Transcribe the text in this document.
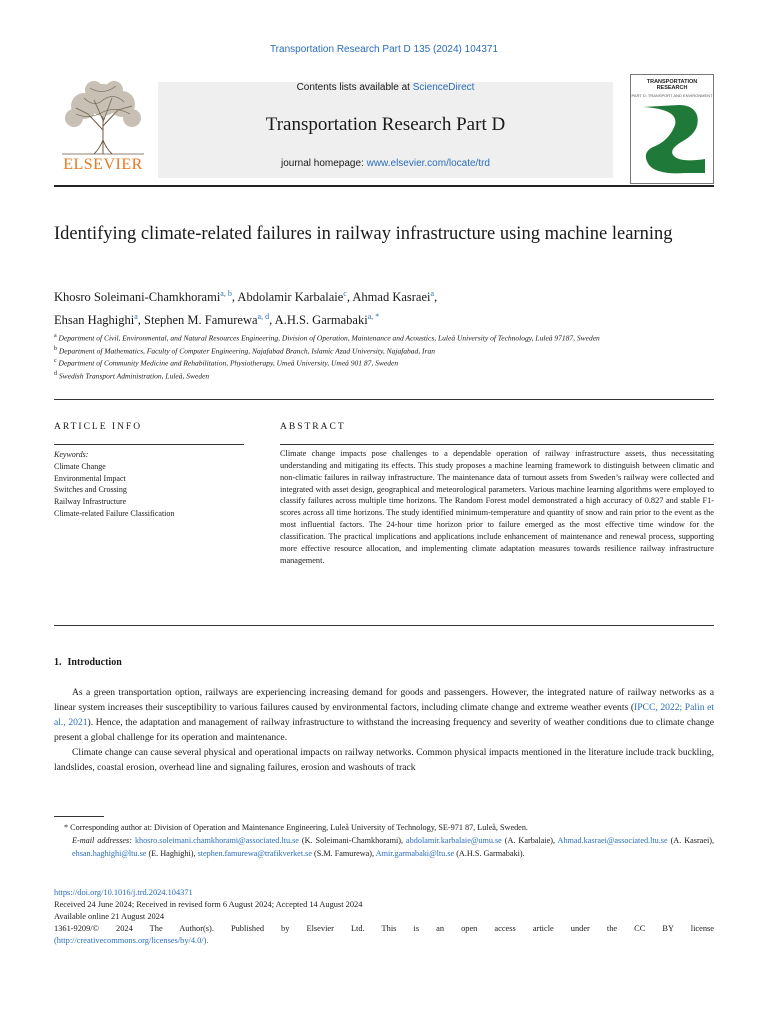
Transportation Research Part D 135 (2024) 104371
ELSEVIER
Contents lists available at ScienceDirect
Transportation Research Part D
journal homepage: www.elsevier.com/locate/trd
TRANSPORTATION RESEARCH
PART D: TRANSPORT AND ENVIRONMENT
Identifying climate-related failures in railway infrastructure using machine learning
Khosro Soleimani-Chamkhorami$^{a, b}$, Abdolamir Karbalaie$^c$, Ahmad Kasraei$^a$,
Ehsan Haghighi$^a$, Stephen M. Famurewa$^{a, d}$, A.H.S. Garmabaki$^{a, *}$
$^a$ Department of Civil, Environmental, and Natural Resources Engineering, Division of Operation, Maintenance and Acoustics, Luleå University of Technology, Luleå 97187, Sweden
$^b$ Department of Mathematics, Faculty of Computer Engineering, Najafabad Branch, Islamic Azad University, Najafabad, Iran
$^c$ Department of Community Medicine and Rehabilitation, Physiotherapy, Umeå University, Umeå 901 87, Sweden
$^d$ Swedish Transport Administration, Luleå, Sweden
ARTICLE INFO
Keywords:
Climate Change
Environmental Impact
Switches and Crossing
Railway Infrastructure
Climate-related Failure Classification
ABSTRACT
Climate change impacts pose challenges to a dependable operation of railway infrastructure assets, thus necessitating understanding and mitigating its effects. This study proposes a machine learning framework to distinguish between climatic and non-climatic failures in railway infrastructure. The maintenance data of turnout assets from Sweden’s railway were collected and integrated with asset design, geographical and meteorological parameters. Various machine learning algorithms were employed to classify failures across multiple time horizons. The Random Forest model demonstrated a high accuracy of 0.827 and stable F1-scores across all time horizons. The study identified minimum-temperature and quantity of snow and rain prior to the event as the most influential factors. The 24-hour time horizon prior to failure emerged as the most effective time window for the classification. The practical implications and applications include enhancement of maintenance and renewal process, supporting more effective resource allocation, and implementing climate adaptation measures towards resilience railway infrastructure management.
1. Introduction

As a green transportation option, railways are experiencing increasing demand for goods and passengers. However, the integrated nature of railway networks as a linear system increases their susceptibility to various failures caused by environmental factors, including climate change and extreme weather events (IPCC, 2022; Palin et al., 2021). Hence, the adaptation and management of railway infrastructure to withstand the increasing frequency and severity of weather conditions due to climate change present a global challenge for its operation and maintenance.

Climate change can cause several physical and operational impacts on railway networks. Common physical impacts mentioned in the literature include track buckling, landslides, coastal erosion, overhead line and signaling failures, erosion and washouts of track

* Corresponding author at: Division of Operation and Maintenance Engineering, Luleå University of Technology, SE-971 87, Luleå, Sweden.

E-mail addresses: khosro.soleimani.chamkhorami@associated.ltu.se (K. Soleimani-Chamkhorami), abdolamir.karbalaie@umu.se (A. Karbalaie), Ahmad.kasraei@associated.ltu.se (A. Kasraei), ehsan.haghighi@ltu.se (E. Haghighi), stephen.famurewa@trafikverket.se (S.M. Famurewa), Amir.garmabaki@ltu.se (A.H.S. Garmabaki).

https://doi.org/10.1016/j.trd.2024.104371

Received 24 June 2024; Received in revised form 6 August 2024; Accepted 14 August 2024

Available online 21 August 2024

1361-9209/© 2024 The Author(s). Published by Elsevier Ltd. This is an open access article under the CC BY license

(http://creativecommons.org/licenses/by/4.0/).
